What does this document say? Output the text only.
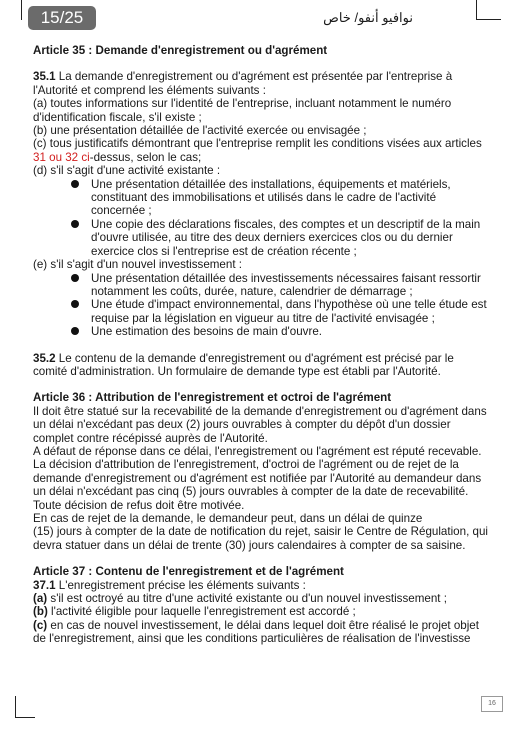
15/25	نوافيو أنفو/ خاص

Article 35 : Demande d'enregistrement ou d'agrément

35.1 La demande d'enregistrement ou d'agrément est présentée par l'entreprise à l'Autorité et comprend les éléments suivants :

(a) toutes informations sur l'identité de l'entreprise, incluant notamment le numéro d'identification fiscale, s'il existe ;

(b) une présentation détaillée de l'activité exercée ou envisagée ;

(c) tous justificatifs démontrant que l'entreprise remplit les conditions visées aux articles 31 ou 32 ci-dessus, selon le cas;

(d) s'il s'agit d'une activité existante :

Une présentation détaillée des installations, équipements et matériels, constituant des immobilisations et utilisés dans le cadre de l'activité concernée ;

Une copie des déclarations fiscales, des comptes et un descriptif de la main d'ouvre utilisée, au titre des deux derniers exercices clos ou du dernier exercice clos si l'entreprise est de création récente ;

(e) s'il s'agit d'un nouvel investissement :

Une présentation détaillée des investissements nécessaires faisant ressortir notamment les coûts, durée, nature, calendrier de démarrage ;

Une étude d'impact environnemental, dans l'hypothèse où une telle étude est requise par la législation en vigueur au titre de l'activité envisagée ;

Une estimation des besoins de main d'ouvre.

35.2 Le contenu de la demande d'enregistrement ou d'agrément est précisé par le comité d'administration. Un formulaire de demande type est établi par l'Autorité.

Article 36 : Attribution de l'enregistrement et octroi de l'agrément

Il doit être statué sur la recevabilité de la demande d'enregistrement ou d'agrément dans un délai n'excédant pas deux (2) jours ouvrables à compter du dépôt d'un dossier complet contre récépissé auprès de l'Autorité.

A défaut de réponse dans ce délai, l'enregistrement ou l'agrément est réputé recevable.

La décision d'attribution de l'enregistrement, d'octroi de l'agrément ou de rejet de la demande d'enregistrement ou d'agrément est notifiée par l'Autorité au demandeur dans un délai n'excédant pas cinq (5) jours ouvrables à compter de la date de recevabilité.

Toute décision de refus doit être motivée.

En cas de rejet de la demande, le demandeur peut, dans un délai de quinze

(15) jours à compter de la date de notification du rejet, saisir le Centre de Régulation, qui devra statuer dans un délai de trente (30) jours calendaires à compter de sa saisine.

Article 37 : Contenu de l'enregistrement et de l'agrément

37.1 L'enregistrement précise les éléments suivants :

(a) s'il est octroyé au titre d'une activité existante ou d'un nouvel investissement ;

(b) l'activité éligible pour laquelle l'enregistrement est accordé ;

(c) en cas de nouvel investissement, le délai dans lequel doit être réalisé le projet objet de l'enregistrement, ainsi que les conditions particulières de réalisation de l'investisse

16
